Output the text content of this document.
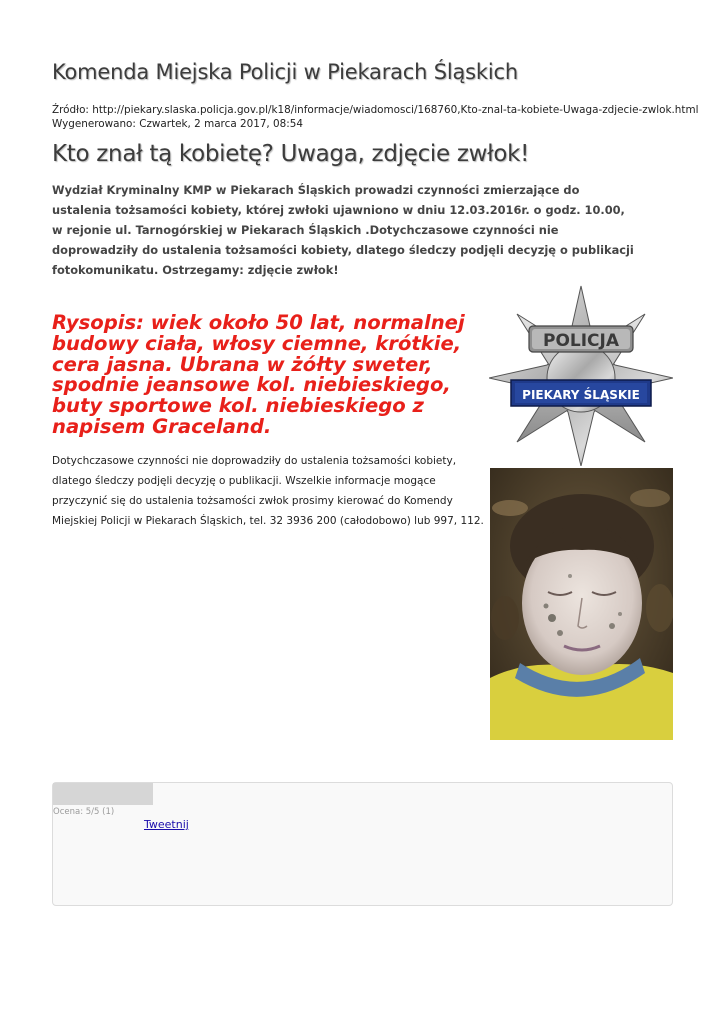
Komenda Miejska Policji w Piekarach Śląskich
Źródło: http://piekary.slaska.policja.gov.pl/k18/informacje/wiadomosci/168760,Kto-znal-ta-kobiete-Uwaga-zdjecie-zwlok.html
Wygenerowano: Czwartek, 2 marca 2017, 08:54
Kto znał tą kobietę? Uwaga, zdjęcie zwłok!

Wydział Kryminalny KMP w Piekarach Śląskich prowadzi czynności zmierzające do ustalenia tożsamości kobiety, której zwłoki ujawniono w dniu 12.03.2016r. o godz. 10.00, w rejonie ul. Tarnogórskiej w Piekarach Śląskich .Dotychczasowe czynności nie doprowadziły do ustalenia tożsamości kobiety, dlatego śledczy podjęli decyzję o publikacji fotokomunikatu. Ostrzegamy: zdjęcie zwłok!

Rysopis: wiek około 50 lat, normalnej budowy ciała, włosy ciemne, krótkie, cera jasna. Ubrana w żółty sweter, spodnie jeansowe kol. niebieskiego, buty sportowe kol. niebieskiego z napisem Graceland.

Dotychczasowe czynności nie doprowadziły do ustalenia tożsamości kobiety, dlatego śledczy podjęli decyzję o publikacji. Wszelkie informacje mogące przyczynić się do ustalenia tożsamości zwłok prosimy kierować do Komendy Miejskiej Policji w Piekarach Śląskich, tel. 32 3936 200 (całodobowo) lub 997, 112.

POLICJA
PIEKARY ŚLĄSKIE
Ocena: 5/5 (1)
Tweetnij
